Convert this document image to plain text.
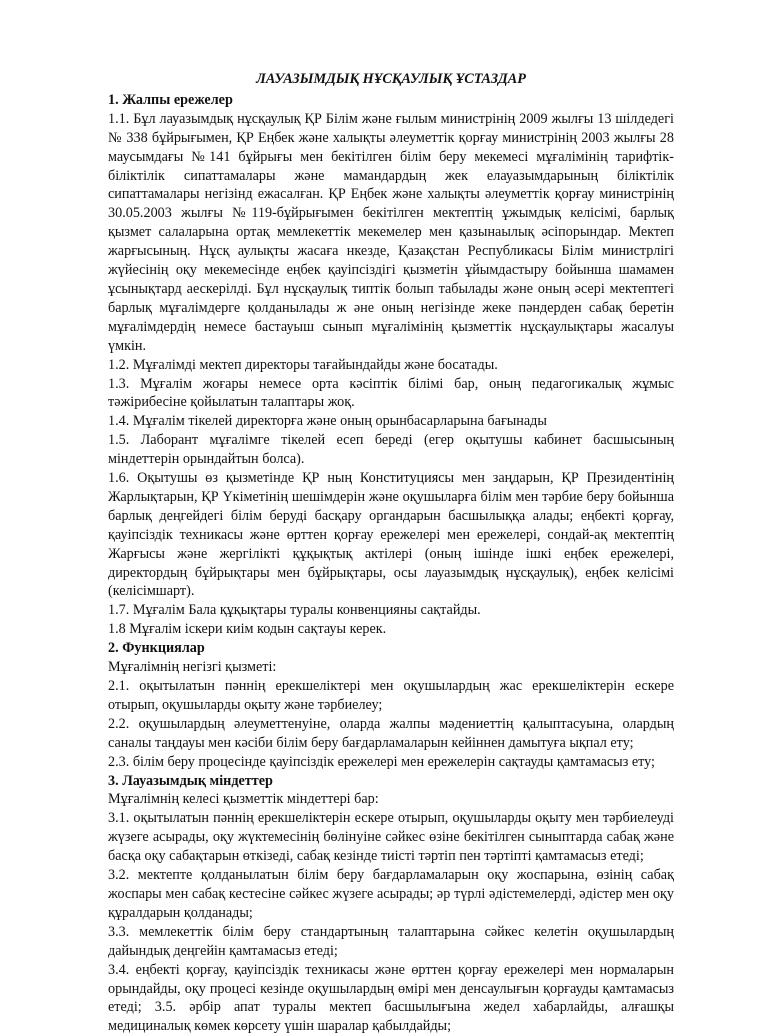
ЛАУАЗЫМДЫҚ НҰСҚАУЛЫҚ ҰСТАЗДАР
1. Жалпы ережелер

1.1. Бұл лауазымдық нұсқаулық ҚР Білім және ғылым министрінің 2009 жылғы 13 шілдедегі № 338 бұйрығымен, ҚР Еңбек және халықты әлеуметтік қорғау министрінің 2003 жылғы 28 маусымдағы №141 бұйрығы мен бекітілген білім беру мекемесі мұғалімінің тарифтік-біліктілік сипаттамалары және мамандардың жек елауазымдарының біліктілік сипаттамалары негізінд ежасалған. ҚР Еңбек және халықты әлеуметтік қорғау министрінің 30.05.2003 жылғы №119-бұйрығымен бекітілген мектептің ұжымдық келісімі, барлық қызмет салаларына ортақ мемлекеттік мекемелер мен қазынаылық әсіпорындар. Мектеп жарғысының. Нұсқ аулықты жасаға нкезде, Қазақстан Республикасы Білім министрлігі жүйесінің оқу мекемесінде еңбек қауіпсіздігі қызметін ұйымдастыру бойынша шамамен ұсынықтард аескерілді. Бұл нұсқаулық типтік болып табылады және оның әсері мектептегі барлық мұғалімдерге қолданылады ж әне оның негізінде жеке пәндерден сабақ беретін мұғалімдердің немесе бастауыш сынып мұғалімінің қызметтік нұсқаулықтары жасалуы үмкін.

1.2. Мұғалімді мектеп директоры тағайындайды және босатады.

1.3. Мұғалім жоғары немесе орта кәсіптік білімі бар, оның педагогикалық жұмыс тәжірибесіне қойылатын талаптары жоқ.

1.4. Мұғалім тікелей директорға және оның орынбасарларына бағынады

1.5. Лаборант мұғалімге тікелей есеп береді (егер оқытушы кабинет басшысының міндеттерін орындайтын болса).

1.6. Оқытушы өз қызметінде ҚР ның Конституциясы мен заңдарын, ҚР Президентінің Жарлықтарын, ҚР Үкіметінің шешімдерін және оқушыларға білім мен тәрбие беру бойынша барлық деңгейдегі білім беруді басқару органдарын басшылыққа алады; еңбекті қорғау, қауіпсіздік техникасы және өрттен қорғау ережелері мен ережелері, сондай-ақ мектептің Жарғысы және жергілікті құқықтық актілері (оның ішінде ішкі еңбек ережелері, директордың бұйрықтары мен бұйрықтары, осы лауазымдық нұсқаулық), еңбек келісімі (келісімшарт).

1.7. Мұғалім Бала құқықтары туралы конвенцияны сақтайды.

1.8 Мұғалім іскери киім кодын сақтауы керек.

2. Функциялар

Мұғалімнің негізгі қызметі:

2.1. оқытылатын пәннің ерекшеліктері мен оқушылардың жас ерекшеліктерін ескере отырып, оқушыларды оқыту және тәрбиелеу;

2.2. оқушылардың әлеуметтенуіне, оларда жалпы мәдениеттің қалыптасуына, олардың саналы таңдауы мен кәсіби білім беру бағдарламаларын кейіннен дамытуға ықпал ету;

2.3. білім беру процесінде қауіпсіздік ережелері мен ережелерін сақтауды қамтамасыз ету;

3. Лауазымдық міндеттер

Мұғалімнің келесі қызметтік міндеттері бар:

3.1. оқытылатын пәннің ерекшеліктерін ескере отырып, оқушыларды оқыту мен тәрбиелеуді жүзеге асырады, оқу жүктемесінің бөлінуіне сәйкес өзіне бекітілген сыныптарда сабақ және басқа оқу сабақтарын өткізеді, сабақ кезінде тиісті тәртіп пен тәртіпті қамтамасыз етеді;

3.2. мектепте қолданылатын білім беру бағдарламаларын оқу жоспарына, өзінің сабақ жоспары мен сабақ кестесіне сәйкес жүзеге асырады; әр түрлі әдістемелерді, әдістер мен оқу құралдарын қолданады;

3.3. мемлекеттік білім беру стандартының талаптарына сәйкес келетін оқушылардың дайындық деңгейін қамтамасыз етеді;

3.4. еңбекті қорғау, қауіпсіздік техникасы және өрттен қорғау ережелері мен нормаларын орындайды, оқу процесі кезінде оқушылардың өмірі мен денсаулығын қорғауды қамтамасыз етеді; 3.5. әрбір апат туралы мектеп басшылығына жедел хабарлайды, алғашқы медициналық көмек көрсету үшін шаралар қабылдайды;
